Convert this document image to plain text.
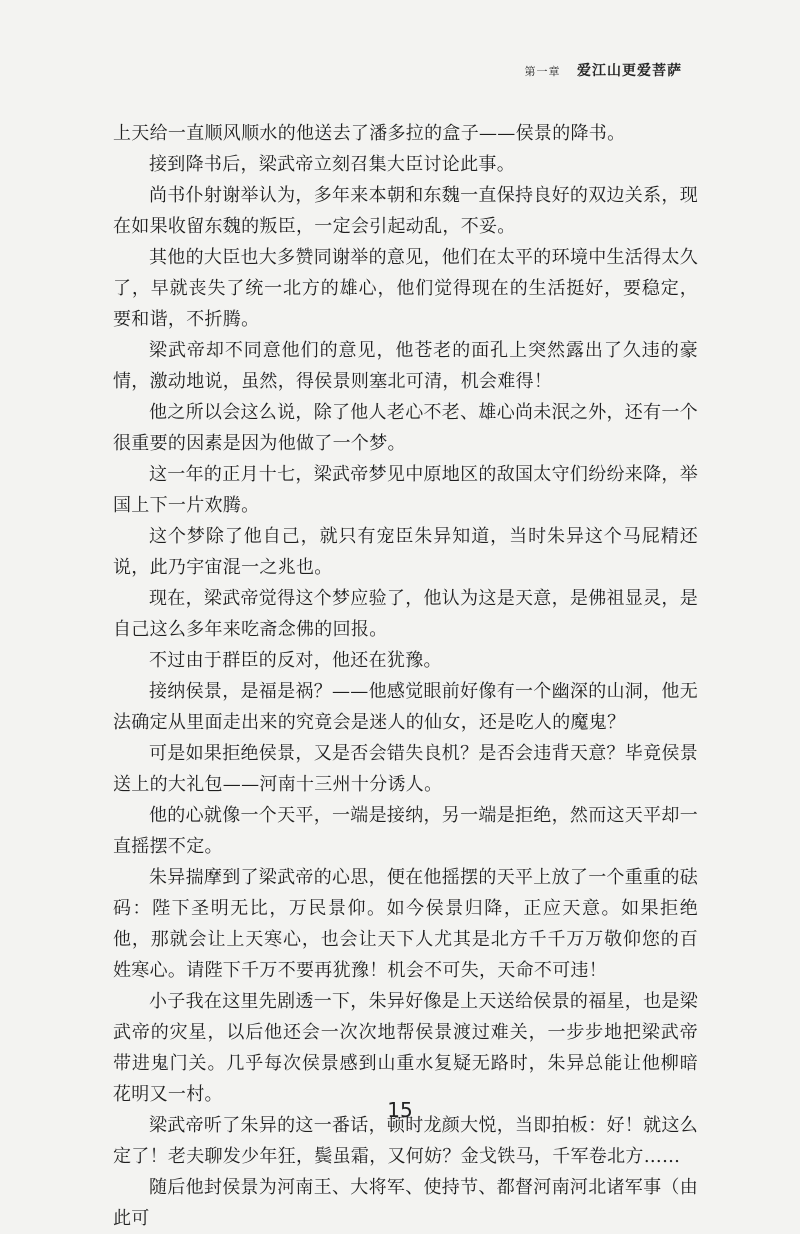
第一章 爱江山更爱菩萨

上天给一直顺风顺水的他送去了潘多拉的盒子——侯景的降书。

接到降书后，梁武帝立刻召集大臣讨论此事。

尚书仆射谢举认为，多年来本朝和东魏一直保持良好的双边关系，现在如果收留东魏的叛臣，一定会引起动乱，不妥。

其他的大臣也大多赞同谢举的意见，他们在太平的环境中生活得太久了，早就丧失了统一北方的雄心，他们觉得现在的生活挺好，要稳定，要和谐，不折腾。

梁武帝却不同意他们的意见，他苍老的面孔上突然露出了久违的豪情，激动地说，虽然，得侯景则塞北可清，机会难得！

他之所以会这么说，除了他人老心不老、雄心尚未泯之外，还有一个很重要的因素是因为他做了一个梦。

这一年的正月十七，梁武帝梦见中原地区的敌国太守们纷纷来降，举国上下一片欢腾。

这个梦除了他自己，就只有宠臣朱异知道，当时朱异这个马屁精还说，此乃宇宙混一之兆也。

现在，梁武帝觉得这个梦应验了，他认为这是天意，是佛祖显灵，是自己这么多年来吃斋念佛的回报。

不过由于群臣的反对，他还在犹豫。

接纳侯景，是福是祸？——他感觉眼前好像有一个幽深的山洞，他无法确定从里面走出来的究竟会是迷人的仙女，还是吃人的魔鬼？

可是如果拒绝侯景，又是否会错失良机？是否会违背天意？毕竟侯景送上的大礼包——河南十三州十分诱人。

他的心就像一个天平，一端是接纳，另一端是拒绝，然而这天平却一直摇摆不定。

朱异揣摩到了梁武帝的心思，便在他摇摆的天平上放了一个重重的砝码：陛下圣明无比，万民景仰。如今侯景归降，正应天意。如果拒绝他，那就会让上天寒心，也会让天下人尤其是北方千千万万敬仰您的百姓寒心。请陛下千万不要再犹豫！机会不可失，天命不可违！

小子我在这里先剧透一下，朱异好像是上天送给侯景的福星，也是梁武帝的灾星，以后他还会一次次地帮侯景渡过难关，一步步地把梁武帝带进鬼门关。几乎每次侯景感到山重水复疑无路时，朱异总能让他柳暗花明又一村。

梁武帝听了朱异的这一番话，顿时龙颜大悦，当即拍板：好！就这么定了！老夫聊发少年狂，鬓虽霜，又何妨？金戈铁马，千军卷北方……

随后他封侯景为河南王、大将军、使持节、都督河南河北诸军事（由此可

15
